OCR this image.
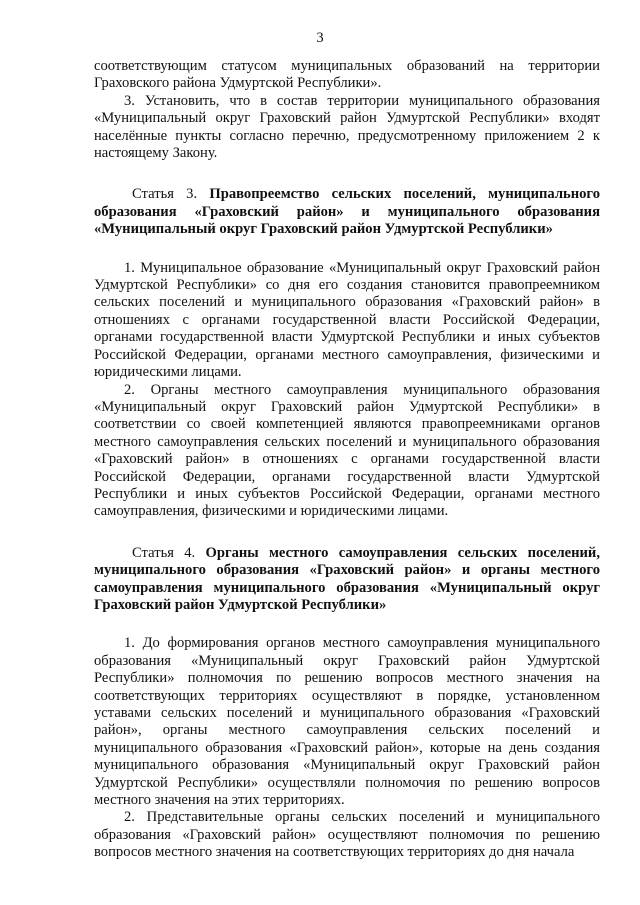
3

соответствующим статусом муниципальных образований на территории Граховского района Удмуртской Республики».

3. Установить, что в состав территории муниципального образования «Муниципальный округ Граховский район Удмуртской Республики» входят населённые пункты согласно перечню, предусмотренному приложением 2 к настоящему Закону.

Статья 3. Правопреемство сельских поселений, муниципального образования «Граховский район» и муниципального образования «Муниципальный округ Граховский район Удмуртской Республики»

1. Муниципальное образование «Муниципальный округ Граховский район Удмуртской Республики» со дня его создания становится правопреемником сельских поселений и муниципального образования «Граховский район» в отношениях с органами государственной власти Российской Федерации, органами государственной власти Удмуртской Республики и иных субъектов Российской Федерации, органами местного самоуправления, физическими и юридическими лицами.

2. Органы местного самоуправления муниципального образования «Муниципальный округ Граховский район Удмуртской Республики» в соответствии со своей компетенцией являются правопреемниками органов местного самоуправления сельских поселений и муниципального образования «Граховский район» в отношениях с органами государственной власти Российской Федерации, органами государственной власти Удмуртской Республики и иных субъектов Российской Федерации, органами местного самоуправления, физическими и юридическими лицами.

Статья 4. Органы местного самоуправления сельских поселений, муниципального образования «Граховский район» и органы местного самоуправления муниципального образования «Муниципальный округ Граховский район Удмуртской Республики»

1. До формирования органов местного самоуправления муниципального образования «Муниципальный округ Граховский район Удмуртской Республики» полномочия по решению вопросов местного значения на соответствующих территориях осуществляют в порядке, установленном уставами сельских поселений и муниципального образования «Граховский район», органы местного самоуправления сельских поселений и муниципального образования «Граховский район», которые на день создания муниципального образования «Муниципальный округ Граховский район Удмуртской Республики» осуществляли полномочия по решению вопросов местного значения на этих территориях.

2. Представительные органы сельских поселений и муниципального образования «Граховский район» осуществляют полномочия по решению вопросов местного значения на соответствующих территориях до дня начала
